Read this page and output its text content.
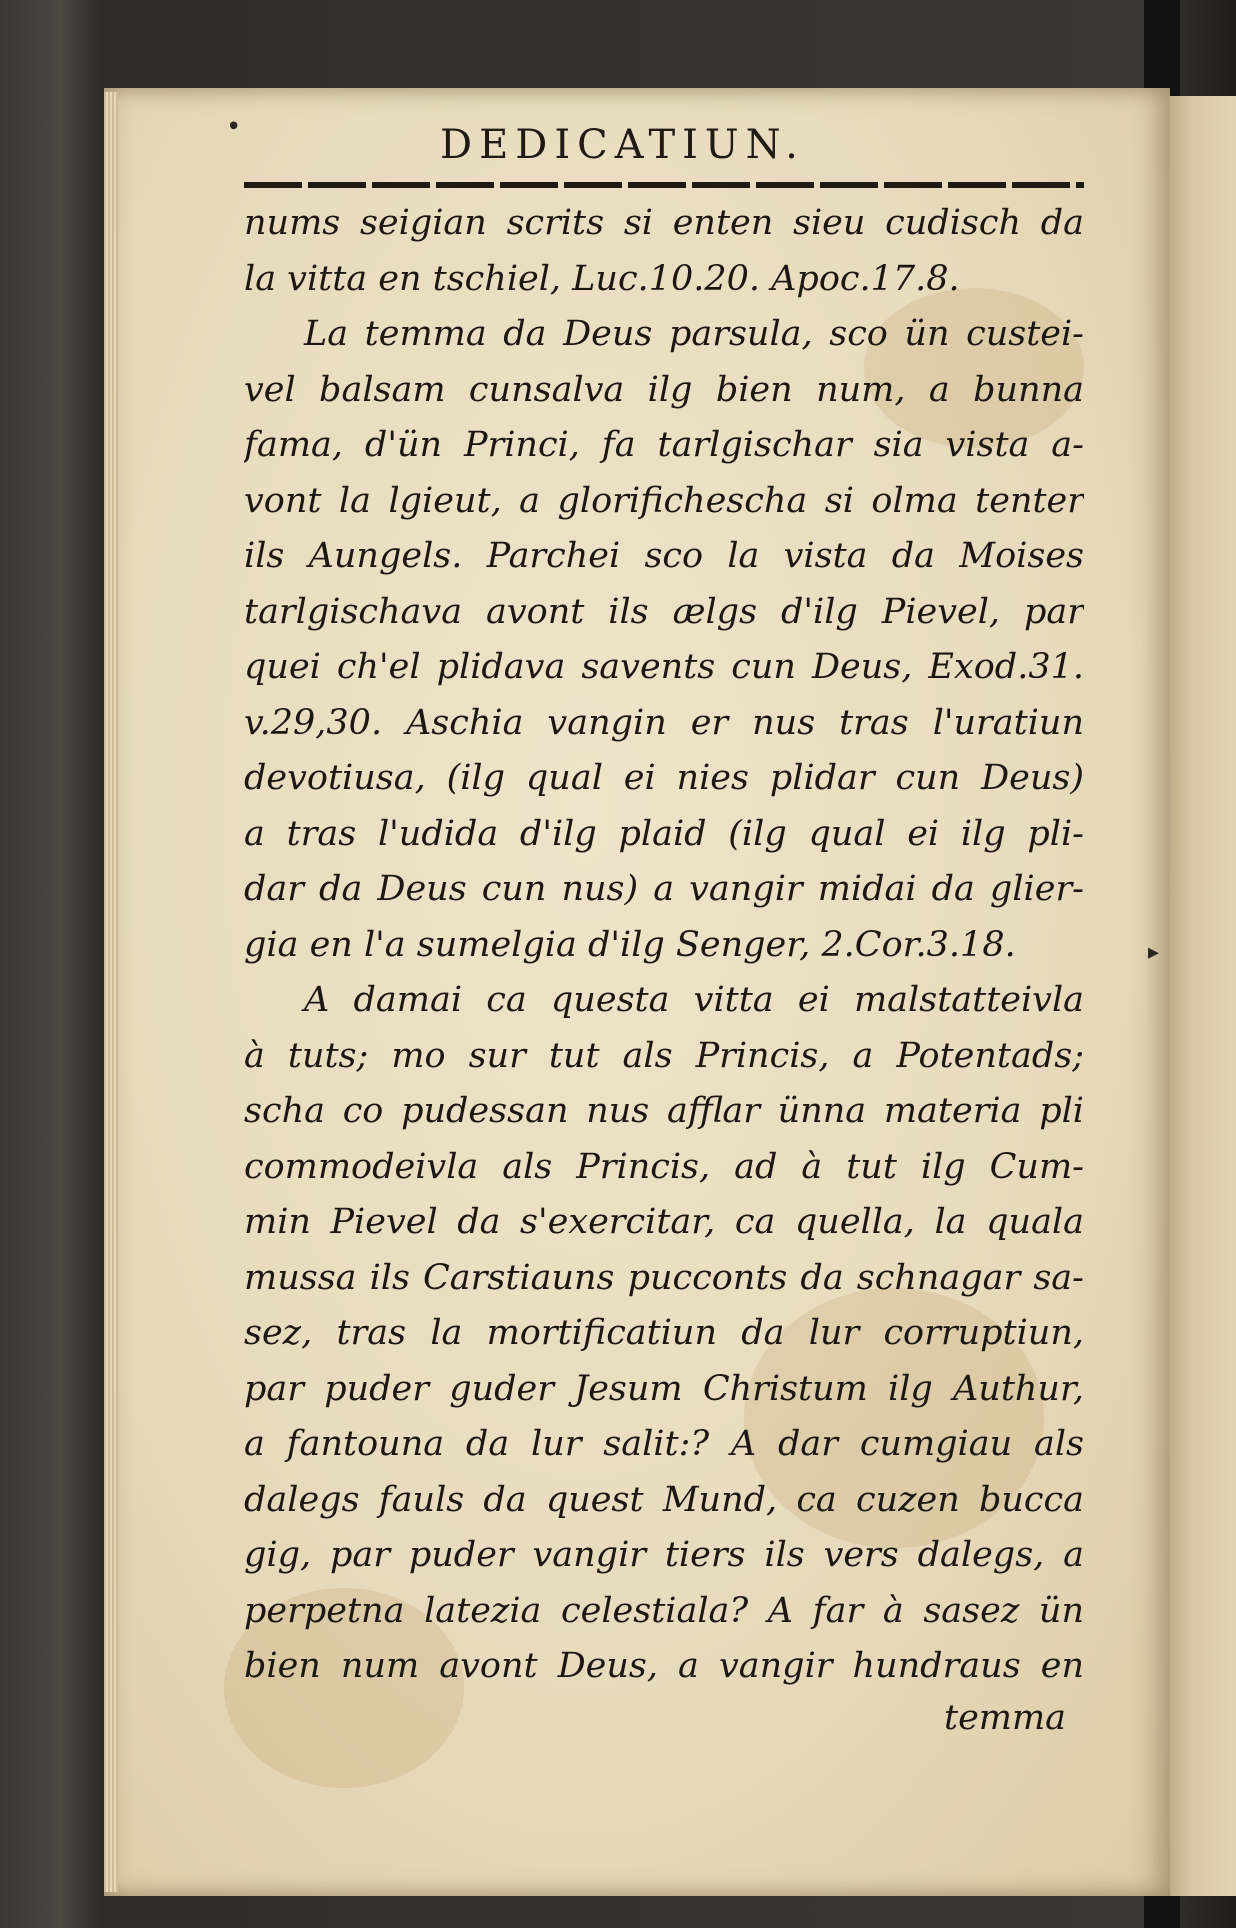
•	DEDICATIUN.
nums seigian scrits si enten sieu cudisch da
la vitta en tschiel, Luc.10.20. Apoc.17.8.
La temma da Deus parsula, sco ün custei-
vel balsam cunsalva ilg bien num, a bunna
fama, d'ün Princi, fa tarlgischar sia vista a-
vont la lgieut, a glorifichescha si olma tenter
ils Aungels. Parchei sco la vista da Moises
tarlgischava avont ils ælgs d'ilg Pievel, par
quei ch'el plidava savents cun Deus, Exod.31.
v.29,30. Aschia vangin er nus tras l'uratiun
devotiusa, (ilg qual ei nies plidar cun Deus)
a tras l'udida d'ilg plaid (ilg qual ei ilg pli-
dar da Deus cun nus) a vangir midai da glier-
gia en l'a sumelgia d'ilg Senger, 2.Cor.3.18.
A damai ca questa vitta ei malstatteivla
à tuts; mo sur tut als Princis, a Potentads;
scha co pudessan nus afflar ünna materia pli
commodeivla als Princis, ad à tut ilg Cum-
min Pievel da s'exercitar, ca quella, la quala
mussa ils Carstiauns pucconts da schnagar sa-
sez, tras la mortificatiun da lur corruptiun,
par puder guder Jesum Christum ilg Authur,
a fantouna da lur salit:? A dar cumgiau als
dalegs fauls da quest Mund, ca cuzen bucca
gig, par puder vangir tiers ils vers dalegs, a
perpetna latezia celestiala? A far à sasez ün
bien num avont Deus, a vangir hundraus en
temma
▸
